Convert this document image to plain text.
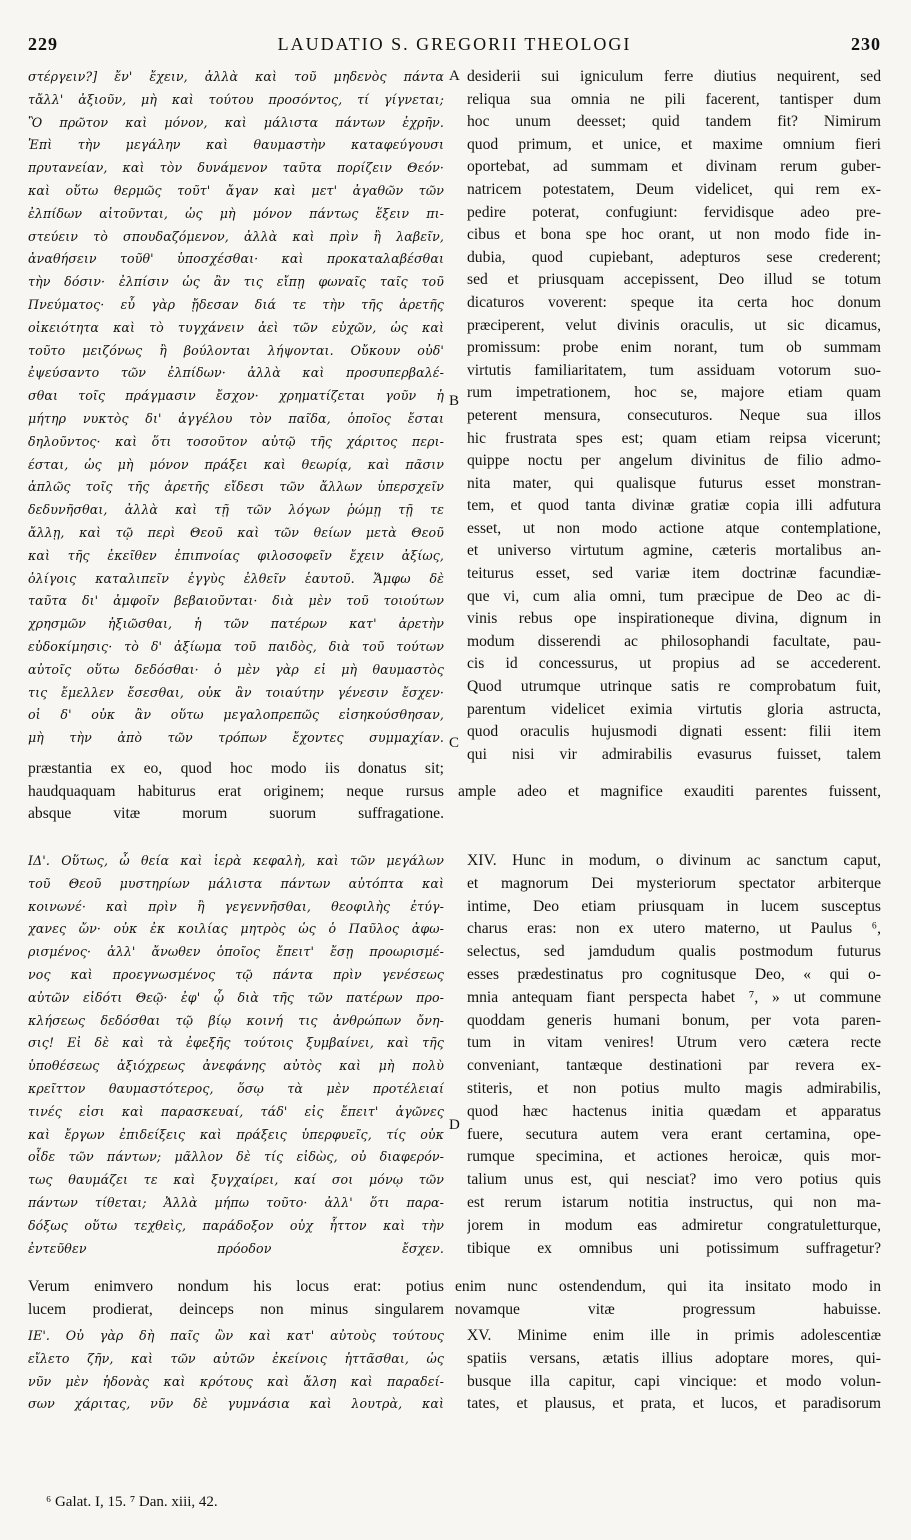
229	LAUDATIO S. GREGORII THEOLOGI	230
στέργειν?] ἔν' ἔχειν, ἀλλὰ καὶ τοῦ μηδενὸς πάντα
τἄλλ' ἀξιοῦν, μὴ καὶ τούτου προσόντος, τί γίγνεται;
Ὃ πρῶτον καὶ μόνον, καὶ μάλιστα πάντων ἐχρῆν.
Ἐπὶ τὴν μεγάλην καὶ θαυμαστὴν καταφεύγουσι
πρυτανείαν, καὶ τὸν δυνάμενον ταῦτα πορίζειν Θεόν·
καὶ οὕτω θερμῶς τοῦτ' ἄγαν καὶ μετ' ἀγαθῶν τῶν
ἐλπίδων αἰτοῦνται, ὡς μὴ μόνον πάντως ἕξειν πι-
στεύειν τὸ σπουδαζόμενον, ἀλλὰ καὶ πρὶν ἢ λαβεῖν,
ἀναθήσειν τοῦθ' ὑποσχέσθαι· καὶ προκαταλαβέσθαι
τὴν δόσιν· ἐλπίσιν ὡς ἂν τις εἴπῃ φωναῖς ταῖς τοῦ
Πνεύματος· εὖ γὰρ ᾔδεσαν διά τε τὴν τῆς ἀρετῆς
οἰκειότητα καὶ τὸ τυγχάνειν ἀεὶ τῶν εὐχῶν, ὡς καὶ
τοῦτο μειζόνως ἢ βούλονται λήψονται. Οὔκουν οὐδ'
ἐψεύσαντο τῶν ἐλπίδων· ἀλλὰ καὶ προσυπερβαλέ-
σθαι τοῖς πράγμασιν ἔσχον· χρηματίζεται γοῦν ἡ
μήτηρ νυκτὸς δι' ἀγγέλου τὸν παῖδα, ὁποῖος ἔσται
δηλοῦντος· καὶ ὅτι τοσοῦτον αὐτῷ τῆς χάριτος περι-
έσται, ὡς μὴ μόνον πράξει καὶ θεωρίᾳ, καὶ πᾶσιν
ἁπλῶς τοῖς τῆς ἀρετῆς εἴδεσι τῶν ἄλλων ὑπερσχεῖν
δεδυνῆσθαι, ἀλλὰ καὶ τῇ τῶν λόγων ῥώμῃ τῇ τε
ἄλλῃ, καὶ τῷ περὶ Θεοῦ καὶ τῶν θείων μετὰ Θεοῦ
καὶ τῆς ἐκεῖθεν ἐπιπνοίας φιλοσοφεῖν ἔχειν ἀξίως,
ὀλίγοις καταλιπεῖν ἐγγὺς ἐλθεῖν ἑαυτοῦ. Ἄμφω δὲ
ταῦτα δι' ἀμφοῖν βεβαιοῦνται· διὰ μὲν τοῦ τοιούτων
χρησμῶν ἠξιῶσθαι, ἡ τῶν πατέρων κατ' ἀρετὴν
εὐδοκίμησις· τὸ δ' ἀξίωμα τοῦ παιδὸς, διὰ τοῦ τούτων
αὐτοῖς οὕτω δεδόσθαι· ὁ μὲν γὰρ εἰ μὴ θαυμαστὸς
τις ἔμελλεν ἔσεσθαι, οὐκ ἂν τοιαύτην γένεσιν ἔσχεν·
οἱ δ' οὐκ ἂν οὕτω μεγαλοπρεπῶς εἰσηκούσθησαν,
μὴ τὴν ἀπὸ τῶν τρόπων ἔχοντες συμμαχίαν.
desiderii sui igniculum ferre diutius nequirent, sed
reliqua sua omnia ne pili facerent, tantisper dum
hoc unum deesset; quid tandem fit? Nimirum
quod primum, et unice, et maxime omnium fieri
oportebat, ad summam et divinam rerum guber-
natricem potestatem, Deum videlicet, qui rem ex-
pedire poterat, confugiunt: fervidisque adeo pre-
cibus et bona spe hoc orant, ut non modo fide in-
dubia, quod cupiebant, adepturos sese crederent;
sed et priusquam accepissent, Deo illud se totum
dicaturos voverent: speque ita certa hoc donum
præciperent, velut divinis oraculis, ut sic dicamus,
promissum: probe enim norant, tum ob summam
virtutis familiaritatem, tum assiduam votorum suo-
rum impetrationem, hoc se, majore etiam quam
peterent mensura, consecuturos. Neque sua illos
hic frustrata spes est; quam etiam reipsa vicerunt;
quippe noctu per angelum divinitus de filio admo-
nita mater, qui qualisque futurus esset monstran-
tem, et quod tanta divinæ gratiæ copia illi adfutura
esset, ut non modo actione atque contemplatione,
et universo virtutum agmine, cæteris mortalibus an-
teiturus esset, sed variæ item doctrinæ facundiæ-
que vi, cum alia omni, tum præcipue de Deo ac di-
vinis rebus ope inspirationeque divina, dignum in
modum disserendi ac philosophandi facultate, pau-
cis id concessurus, ut propius ad se accederent.
Quod utrumque utrinque satis re comprobatum fuit,
parentum videlicet eximia virtutis gloria astructa,
quod oraculis hujusmodi dignati essent: filii item
qui nisi vir admirabilis evasurus fuisset, talem
præstantia ex eo, quod hoc modo iis donatus sit;
haudquaquam habiturus erat originem; neque rursus
absque vitæ morum suorum suffragatione.
ample adeo et magnifice exauditi parentes fuissent,
ΙΔ'. Οὕτως, ὦ θεία καὶ ἱερὰ κεφαλὴ, καὶ τῶν μεγάλων
τοῦ Θεοῦ μυστηρίων μάλιστα πάντων αὐτόπτα καὶ
κοινωνέ· καὶ πρὶν ἢ γεγεννῆσθαι, θεοφιλὴς ἐτύγ-
χανες ὤν· οὐκ ἐκ κοιλίας μητρὸς ὡς ὁ Παῦλος ἀφω-
ρισμένος· ἀλλ' ἄνωθεν ὁποῖος ἔπειτ' ἔσῃ προωρισμέ-
νος καὶ προεγνωσμένος τῷ πάντα πρὶν γενέσεως
αὐτῶν εἰδότι Θεῷ· ἐφ' ᾧ διὰ τῆς τῶν πατέρων προ-
κλήσεως δεδόσθαι τῷ βίῳ κοινή τις ἀνθρώπων ὄνη-
σις! Εἰ δὲ καὶ τὰ ἐφεξῆς τούτοις ξυμβαίνει, καὶ τῆς
ὑποθέσεως ἀξιόχρεως ἀνεφάνης αὐτὸς καὶ μὴ πολὺ
κρεῖττον θαυμαστότερος, ὅσῳ τὰ μὲν προτέλειαί
τινές εἰσι καὶ παρασκευαί, τάδ' εἰς ἔπειτ' ἀγῶνες
καὶ ἔργων ἐπιδείξεις καὶ πράξεις ὑπερφυεῖς, τίς οὐκ
οἶδε τῶν πάντων; μᾶλλον δὲ τίς εἰδὼς, οὐ διαφερόν-
τως θαυμάζει τε καὶ ξυγχαίρει, καί σοι μόνῳ τῶν
πάντων τίθεται; Ἀλλὰ μήπω τοῦτο· ἀλλ' ὅτι παρα-
δόξως οὕτω τεχθεὶς, παράδοξον οὐχ ἧττον καὶ τὴν
ἐντεῦθεν πρόοδον ἔσχεν.
XIV. Hunc in modum, o divinum ac sanctum caput,
et magnorum Dei mysteriorum spectator arbiterque
intime, Deo etiam priusquam in lucem susceptus
charus eras: non ex utero materno, ut Paulus ⁶,
selectus, sed jamdudum qualis postmodum futurus
esses prædestinatus pro cognitusque Deo, « qui o-
mnia antequam fiant perspecta habet ⁷, » ut commune
quoddam generis humani bonum, per vota paren-
tum in vitam venires! Utrum vero cætera recte
conveniant, tantæque destinationi par revera ex-
stiteris, et non potius multo magis admirabilis,
quod hæc hactenus initia quædam et apparatus
fuere, secutura autem vera erant certamina, ope-
rumque specimina, et actiones heroicæ, quis mor-
talium unus est, qui nesciat? imo vero potius quis
est rerum istarum notitia instructus, qui non ma-
jorem in modum eas admiretur congratuletturque,
tibique ex omnibus uni potissimum suffragetur?
Verum enimvero nondum his locus erat: potius
lucem prodierat, deinceps non minus singularem
enim nunc ostendendum, qui ita insitato modo in
novamque vitæ progressum habuisse.
ΙΕ'. Οὐ γὰρ δὴ παῖς ὢν καὶ κατ' αὐτοὺς τούτους
εἴλετο ζῆν, καὶ τῶν αὐτῶν ἐκείνοις ἡττᾶσθαι, ὡς
νῦν μὲν ἡδονὰς καὶ κρότους καὶ ἄλση καὶ παραδεί-
σων χάριτας, νῦν δὲ γυμνάσια καὶ λουτρὰ, καὶ
XV. Minime enim ille in primis adolescentiæ
spatiis versans, ætatis illius adoptare mores, qui-
busque illa capitur, capi vincique: et modo volun-
tates, et plausus, et prata, et lucos, et paradisorum
A
B
C
D
⁶ Galat. I, 15. ⁷ Dan. xiii, 42.
